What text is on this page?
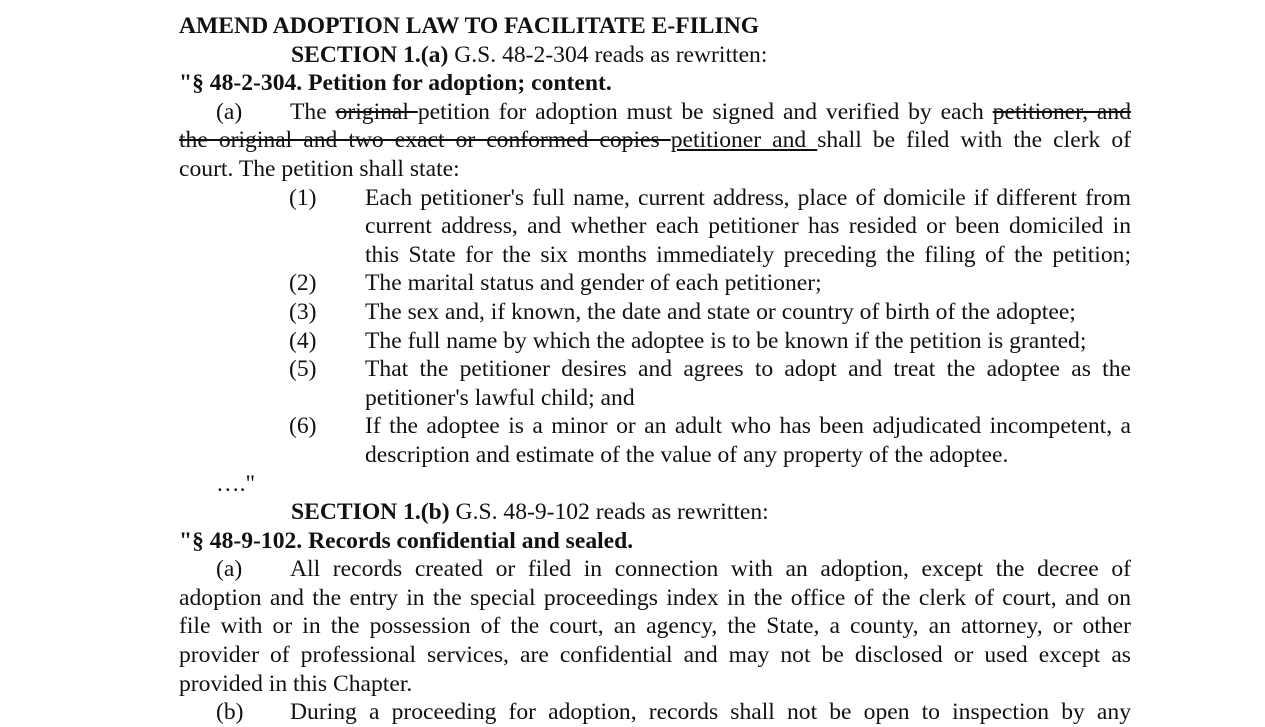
AMEND ADOPTION LAW TO FACILITATE E-FILING
SECTION 1.(a) G.S. 48-2-304 reads as rewritten:
"§ 48-2-304. Petition for adoption; content.
(a) The original petition for adoption must be signed and verified by each petitioner, and
the original and two exact or conformed copies petitioner and shall be filed with the clerk of
court. The petition shall state:
(1) Each petitioner's full name, current address, place of domicile if different from
current address, and whether each petitioner has resided or been domiciled in
this State for the six months immediately preceding the filing of the petition;
(2) The marital status and gender of each petitioner;
(3) The sex and, if known, the date and state or country of birth of the adoptee;
(4) The full name by which the adoptee is to be known if the petition is granted;
(5) That the petitioner desires and agrees to adopt and treat the adoptee as the
petitioner's lawful child; and
(6) If the adoptee is a minor or an adult who has been adjudicated incompetent, a
description and estimate of the value of any property of the adoptee.
…."
SECTION 1.(b) G.S. 48-9-102 reads as rewritten:
"§ 48-9-102. Records confidential and sealed.
(a) All records created or filed in connection with an adoption, except the decree of
adoption and the entry in the special proceedings index in the office of the clerk of court, and on
file with or in the possession of the court, an agency, the State, a county, an attorney, or other
provider of professional services, are confidential and may not be disclosed or used except as
provided in this Chapter.
(b) During a proceeding for adoption, records shall not be open to inspection by any
